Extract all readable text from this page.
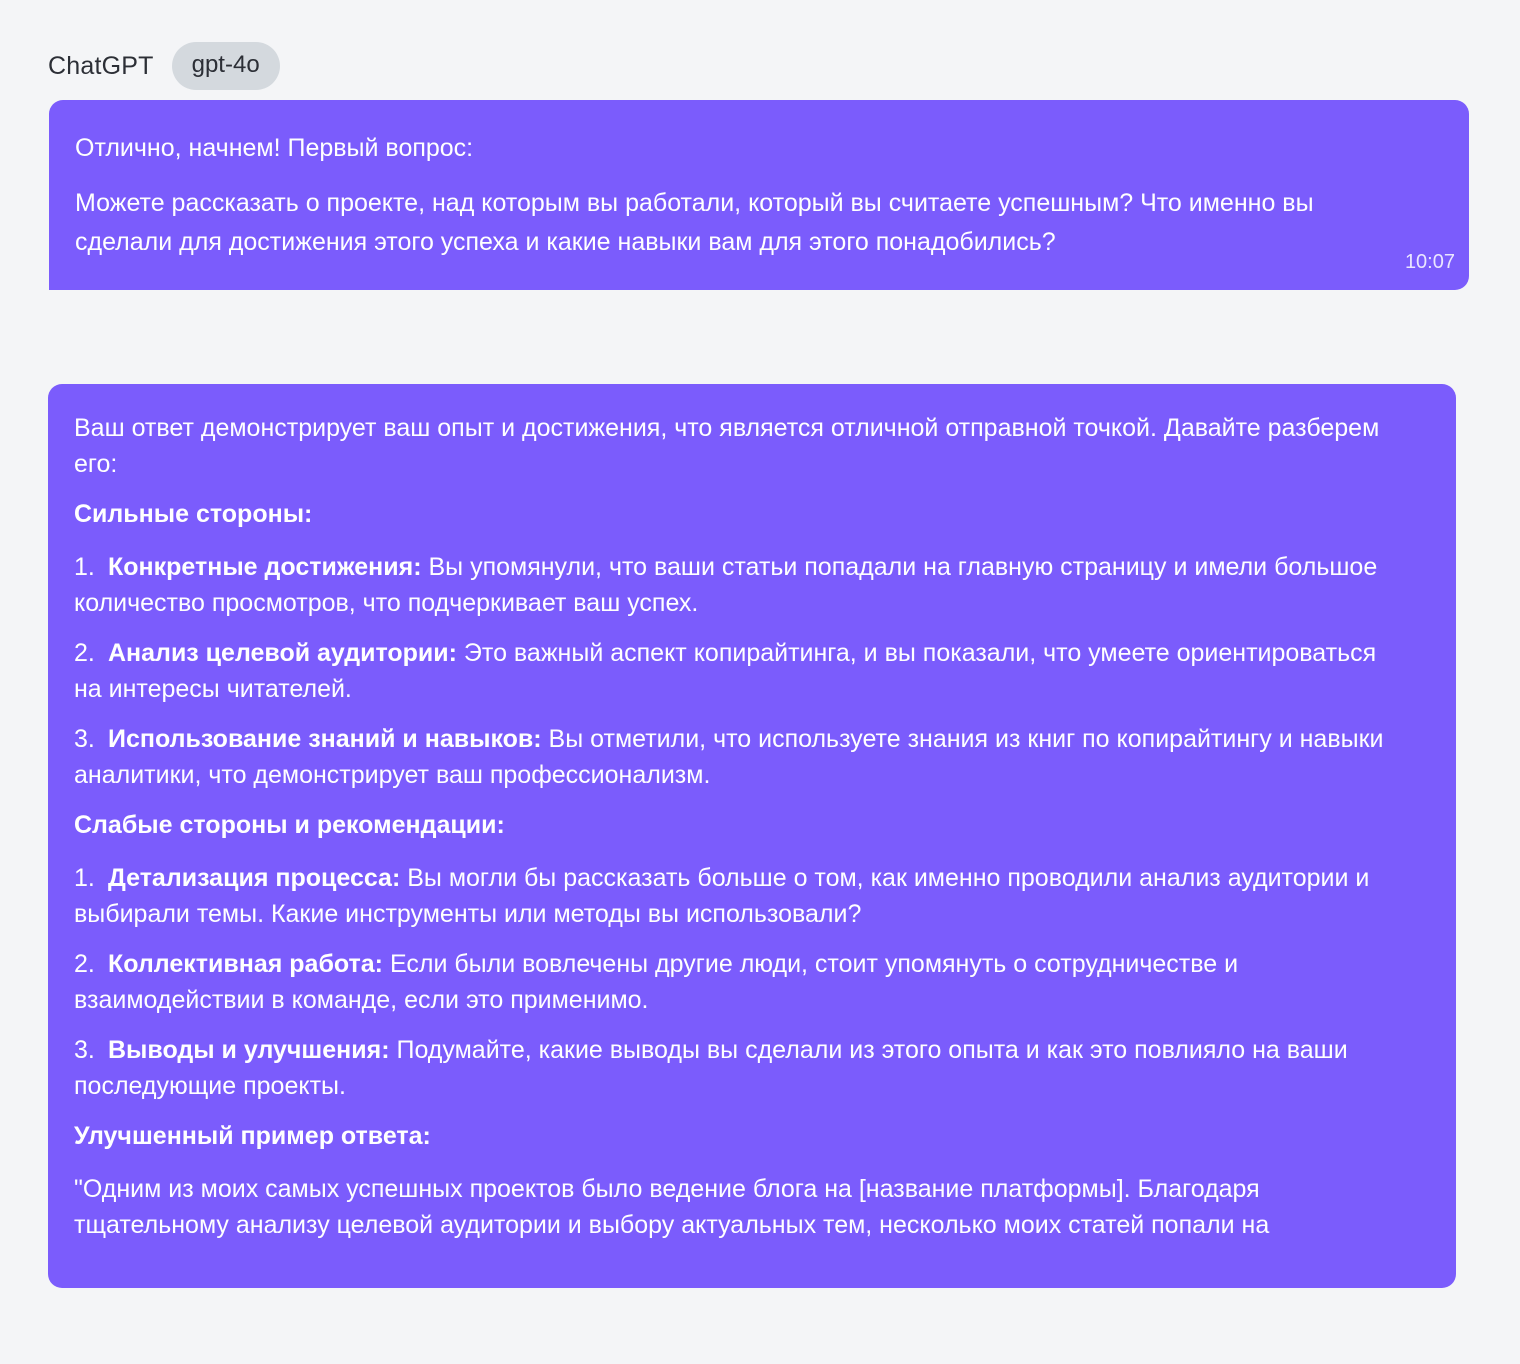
ChatGPT	gpt-4o

Отлично, начнем! Первый вопрос:

Можете рассказать о проекте, над которым вы работали, который вы считаете успешным? Что именно вы сделали для достижения этого успеха и какие навыки вам для этого понадобились?

10:07

Ваш ответ демонстрирует ваш опыт и достижения, что является отличной отправной точкой. Давайте разберем его:

Сильные стороны:

1. Конкретные достижения: Вы упомянули, что ваши статьи попадали на главную страницу и имели большое количество просмотров, что подчеркивает ваш успех.

2. Анализ целевой аудитории: Это важный аспект копирайтинга, и вы показали, что умеете ориентироваться на интересы читателей.

3. Использование знаний и навыков: Вы отметили, что используете знания из книг по копирайтингу и навыки аналитики, что демонстрирует ваш профессионализм.

Слабые стороны и рекомендации:

1. Детализация процесса: Вы могли бы рассказать больше о том, как именно проводили анализ аудитории и выбирали темы. Какие инструменты или методы вы использовали?

2. Коллективная работа: Если были вовлечены другие люди, стоит упомянуть о сотрудничестве и взаимодействии в команде, если это применимо.

3. Выводы и улучшения: Подумайте, какие выводы вы сделали из этого опыта и как это повлияло на ваши последующие проекты.

Улучшенный пример ответа:

"Одним из моих самых успешных проектов было ведение блога на [название платформы]. Благодаря тщательному анализу целевой аудитории и выбору актуальных тем, несколько моих статей попали на
